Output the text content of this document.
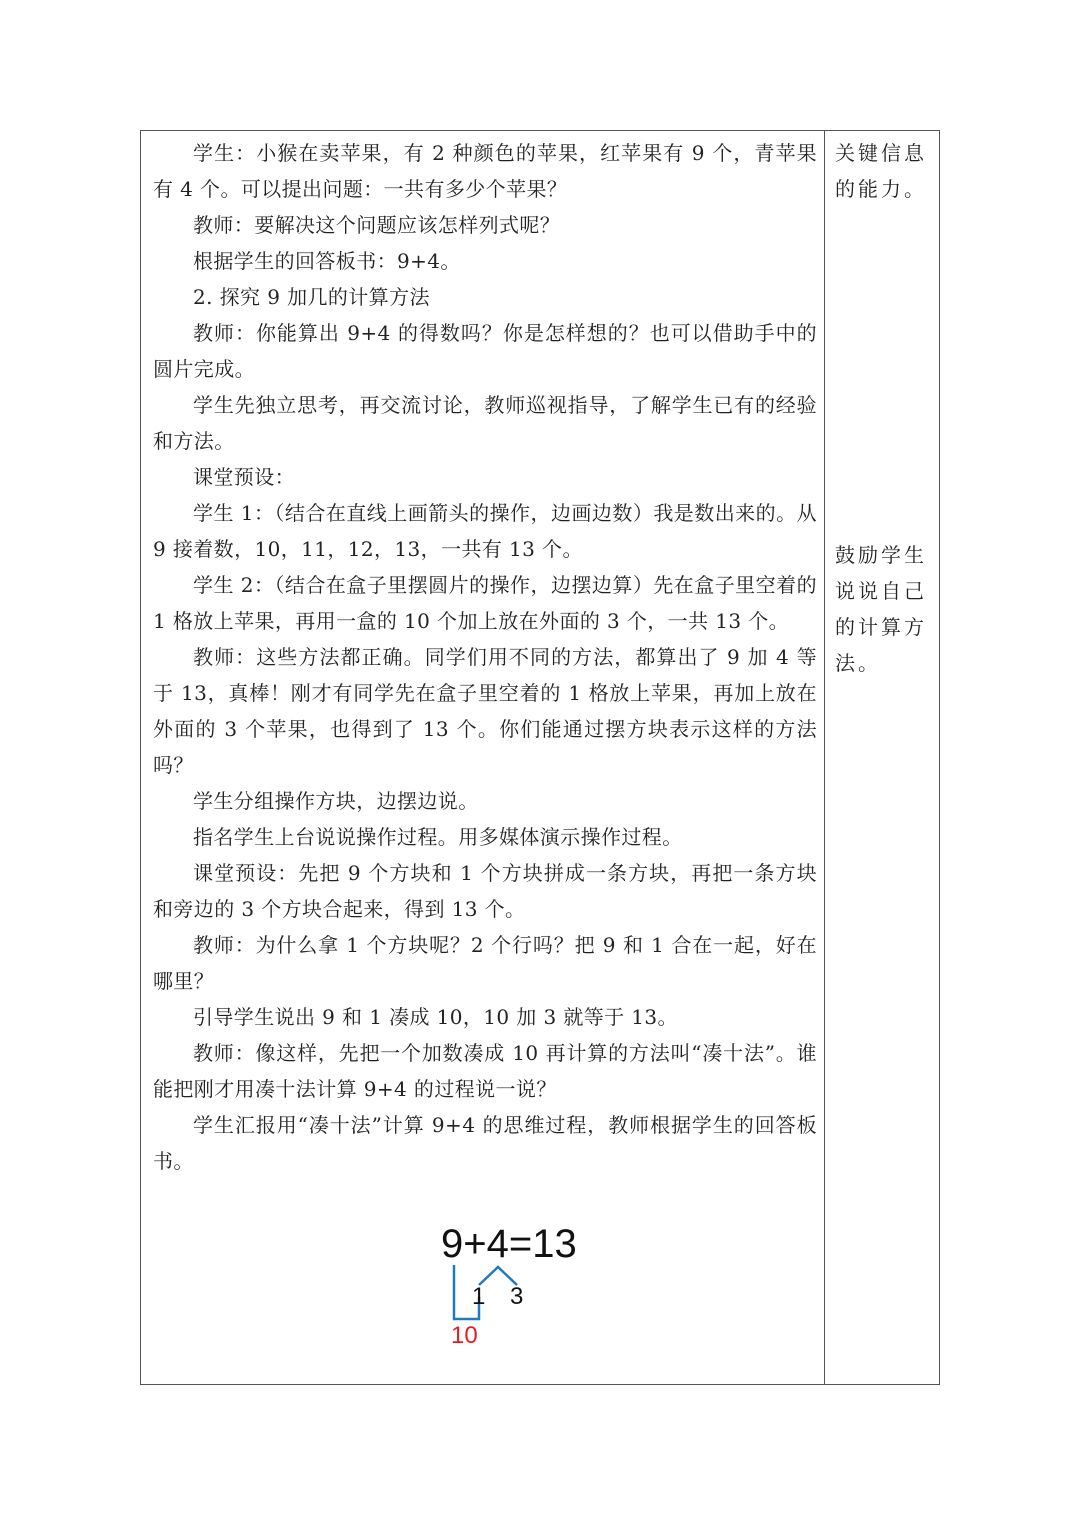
学生：小猴在卖苹果，有 2 种颜色的苹果，红苹果有 9 个，青苹果有 4 个。可以提出问题：一共有多少个苹果？

教师：要解决这个问题应该怎样列式呢？

根据学生的回答板书：9+4。

2. 探究 9 加几的计算方法

教师：你能算出 9+4 的得数吗？你是怎样想的？也可以借助手中的圆片完成。

学生先独立思考，再交流讨论，教师巡视指导，了解学生已有的经验和方法。

课堂预设：

学生 1：（结合在直线上画箭头的操作，边画边数）我是数出来的。从 9 接着数，10，11，12，13，一共有 13 个。

学生 2：（结合在盒子里摆圆片的操作，边摆边算）先在盒子里空着的 1 格放上苹果，再用一盒的 10 个加上放在外面的 3 个，一共 13 个。

教师：这些方法都正确。同学们用不同的方法，都算出了 9 加 4 等于 13，真棒！刚才有同学先在盒子里空着的 1 格放上苹果，再加上放在外面的 3 个苹果，也得到了 13 个。你们能通过摆方块表示这样的方法吗？

学生分组操作方块，边摆边说。

指名学生上台说说操作过程。用多媒体演示操作过程。

课堂预设：先把 9 个方块和 1 个方块拼成一条方块，再把一条方块和旁边的 3 个方块合起来，得到 13 个。

教师：为什么拿 1 个方块呢？2 个行吗？把 9 和 1 合在一起，好在哪里？

引导学生说出 9 和 1 凑成 10，10 加 3 就等于 13。

教师：像这样，先把一个加数凑成 10 再计算的方法叫“凑十法”。谁能把刚才用凑十法计算 9+4 的过程说一说？

学生汇报用“凑十法”计算 9+4 的思维过程，教师根据学生的回答板书。

9+4=13
1 3
10

关键信息的能力。

鼓励学生说说自己的计算方法。
